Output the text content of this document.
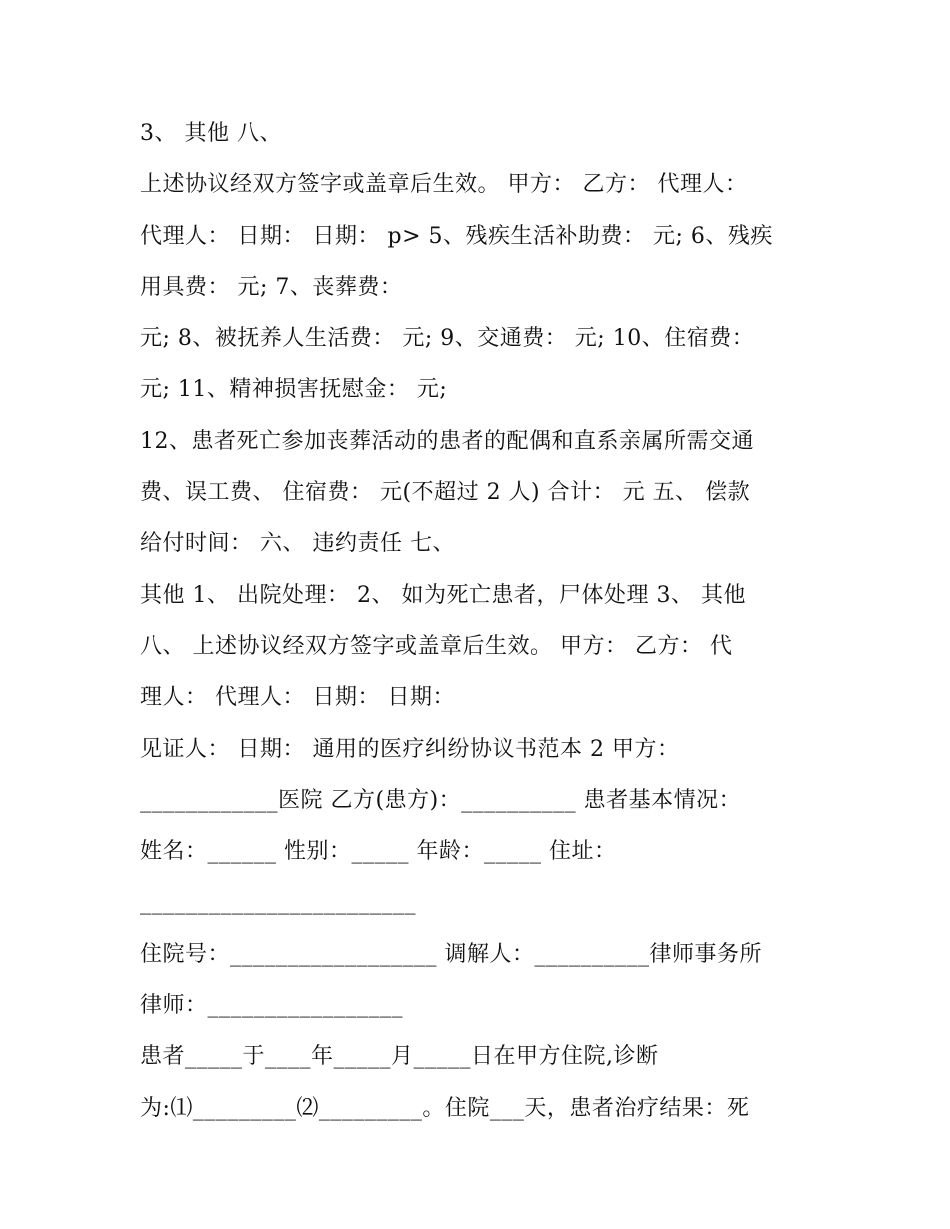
3、 其他 八、
上述协议经双方签字或盖章后生效。 甲方： 乙方： 代理人：
代理人： 日期： 日期： p> 5、残疾生活补助费： 元; 6、残疾
用具费： 元; 7、丧葬费：
元; 8、被抚养人生活费： 元; 9、交通费： 元; 10、住宿费：
元; 11、精神损害抚慰金： 元;
12、患者死亡参加丧葬活动的患者的配偶和直系亲属所需交通
费、误工费、 住宿费： 元(不超过 2 人) 合计： 元 五、 偿款
给付时间： 六、 违约责任 七、
其他 1、 出院处理： 2、 如为死亡患者，尸体处理 3、 其他
八、 上述协议经双方签字或盖章后生效。 甲方： 乙方： 代
理人： 代理人： 日期： 日期：
见证人： 日期： 通用的医疗纠纷协议书范本 2 甲方：
____________医院 乙方(患方)：__________ 患者基本情况：
姓名：______ 性别：_____ 年龄：_____ 住址：
________________________
住院号：__________________ 调解人：__________律师事务所
律师：_________________
患者_____于____年_____月_____日在甲方住院,诊断
为:⑴_________⑵_________。住院___天，患者治疗结果：死
